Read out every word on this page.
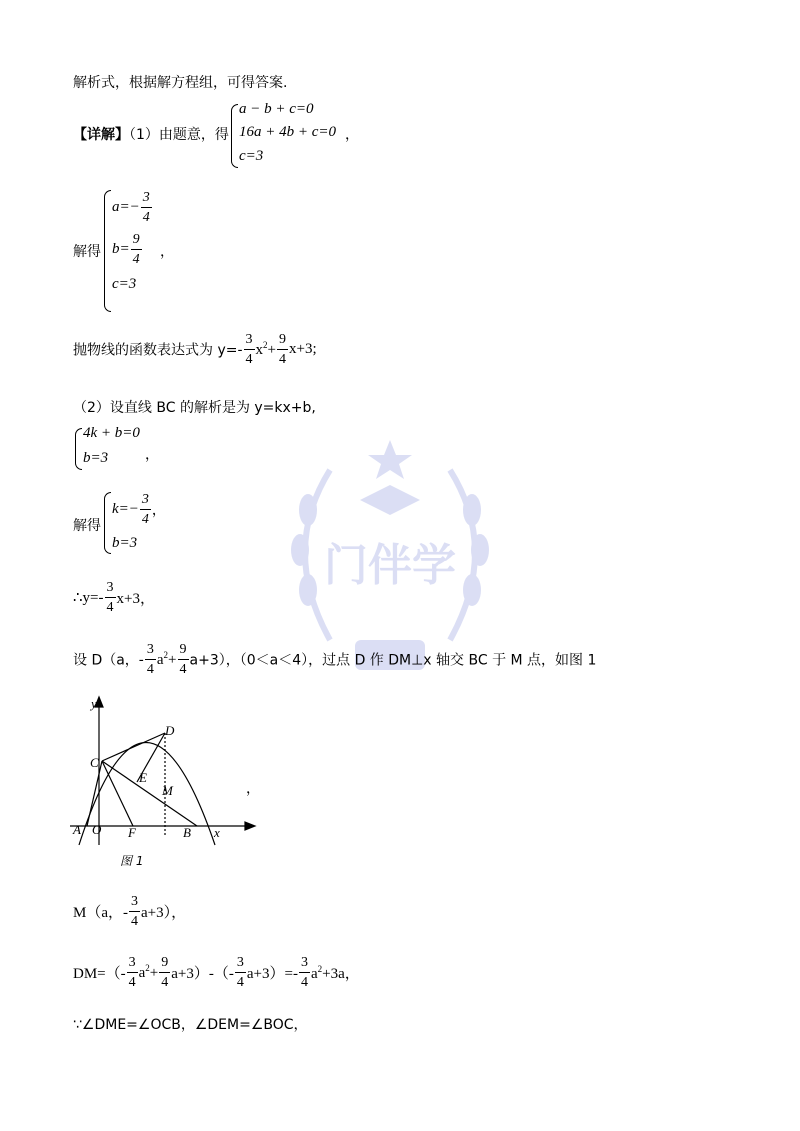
门伴学
解析式，根据解方程组，可得答案.
【详解】（1）由题意，得
a − b + c=0
16a + 4b + c=0
c=3
，
解得
$a=- \frac{3}{4}$
$b= \frac{9}{4}$
c=3
，
抛物线的函数表达式为 $y=- \frac{3}{4} x^2+ \frac{9}{4} x+3$;
（2）设直线 BC 的解析是为 y=kx+b,
4k + b=0
b=3	，
解得
$k=- \frac{3}{4}$ ，
b=3
∴y=- $\frac{3}{4} x+3$，
设 D（a，- $\frac{3}{4} a^2+ \frac{9}{4} a+3$），（0＜a＜4），过点 D 作 DM⊥x 轴交 BC 于 M 点，如图 1
y
D
C
E
M
A O F	B x
图 1
，
M（a，- $\frac{3}{4} a+3$），
$DM=(- \frac{3}{4} a^2+ \frac{9}{4} a+3)-(- \frac{3}{4} a+3)=- \frac{3}{4} a^2+3a$，
∵∠DME=∠OCB，∠DEM=∠BOC，
